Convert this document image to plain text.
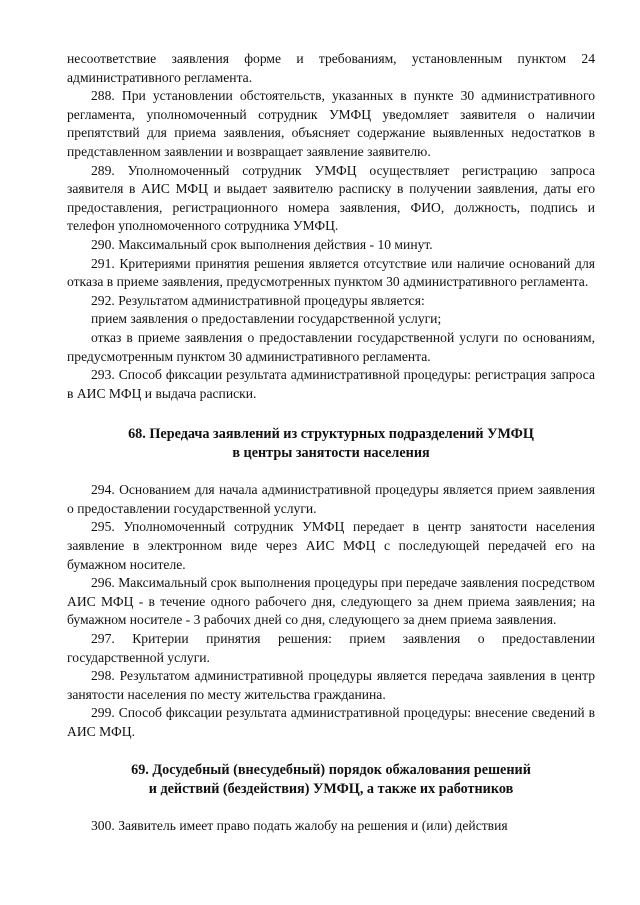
несоответствие заявления форме и требованиям, установленным пунктом 24 административного регламента.

288. При установлении обстоятельств, указанных в пункте 30 административного регламента, уполномоченный сотрудник УМФЦ уведомляет заявителя о наличии препятствий для приема заявления, объясняет содержание выявленных недостатков в представленном заявлении и возвращает заявление заявителю.

289. Уполномоченный сотрудник УМФЦ осуществляет регистрацию запроса заявителя в АИС МФЦ и выдает заявителю расписку в получении заявления, даты его предоставления, регистрационного номера заявления, ФИО, должность, подпись и телефон уполномоченного сотрудника УМФЦ.

290. Максимальный срок выполнения действия - 10 минут.

291. Критериями принятия решения является отсутствие или наличие оснований для отказа в приеме заявления, предусмотренных пунктом 30 административного регламента.

292. Результатом административной процедуры является:

прием заявления о предоставлении государственной услуги;

отказ в приеме заявления о предоставлении государственной услуги по основаниям, предусмотренным пунктом 30 административного регламента.

293. Способ фиксации результата административной процедуры: регистрация запроса в АИС МФЦ и выдача расписки.

68. Передача заявлений из структурных подразделений УМФЦ
в центры занятости населения

294. Основанием для начала административной процедуры является прием заявления о предоставлении государственной услуги.

295. Уполномоченный сотрудник УМФЦ передает в центр занятости населения заявление в электронном виде через АИС МФЦ с последующей передачей его на бумажном носителе.

296. Максимальный срок выполнения процедуры при передаче заявления посредством АИС МФЦ - в течение одного рабочего дня, следующего за днем приема заявления; на бумажном носителе - 3 рабочих дней со дня, следующего за днем приема заявления.

297. Критерии принятия решения: прием заявления о предоставлении государственной услуги.

298. Результатом административной процедуры является передача заявления в центр занятости населения по месту жительства гражданина.

299. Способ фиксации результата административной процедуры: внесение сведений в АИС МФЦ.

69. Досудебный (внесудебный) порядок обжалования решений
и действий (бездействия) УМФЦ, а также их работников

300. Заявитель имеет право подать жалобу на решения и (или) действия
